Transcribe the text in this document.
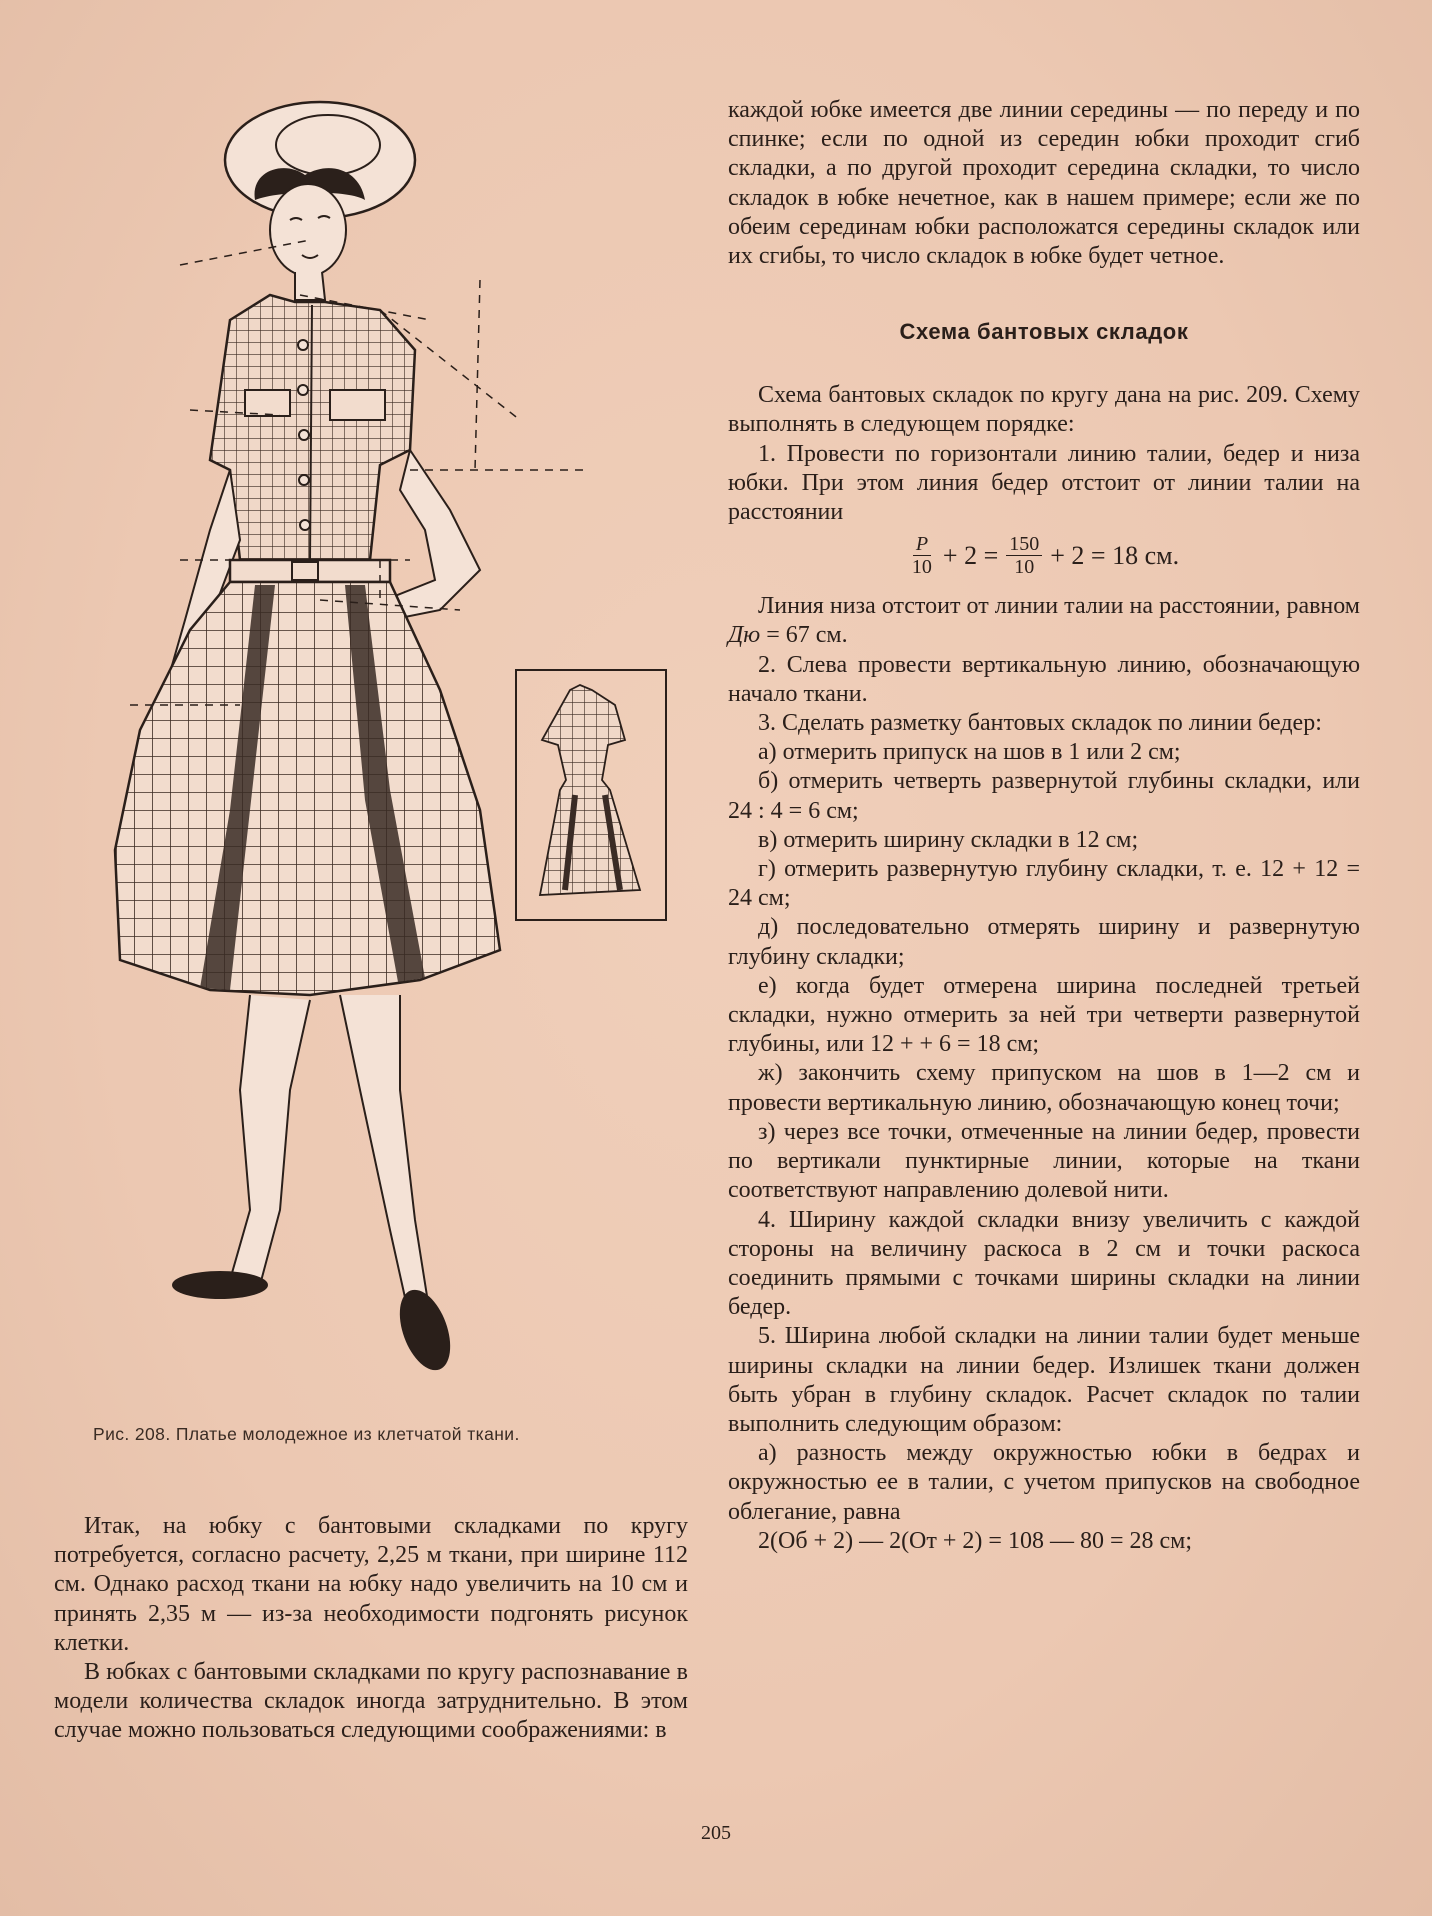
Рис. 208. Платье молодежное из клетчатой ткани.

Итак, на юбку с бантовыми складками по кругу потребуется, согласно расчету, 2,25 м ткани, при ширине 112 см. Однако расход ткани на юбку надо увеличить на 10 см и принять 2,35 м — из-за необходимости подгонять рисунок клетки.

В юбках с бантовыми складками по кругу распознавание в модели количества складок иногда затруднительно. В этом случае можно пользоваться следующими соображениями: в

каждой юбке имеется две линии середины — по переду и по спинке; если по одной из середин юбки проходит сгиб складки, а по другой проходит середина складки, то число складок в юбке нечетное, как в нашем примере; если же по обеим серединам юбки расположатся середины складок или их сгибы, то число складок в юбке будет четное.

Схема бантовых складок

Схема бантовых складок по кругу дана на рис. 209. Схему выполнять в следующем порядке:

1. Провести по горизонтали линию талии, бедер и низа юбки. При этом линия бедер отстоит от линии талии на расстоянии

$\frac{P}{10} + 2 = \frac{150}{10} + 2 = 18$ см.

Линия низа отстоит от линии талии на расстоянии, равном Дю = 67 см.

2. Слева провести вертикальную линию, обозначающую начало ткани.

3. Сделать разметку бантовых складок по линии бедер:

а) отмерить припуск на шов в 1 или 2 см;

б) отмерить четверть развернутой глубины складки, или 24 : 4 = 6 см;

в) отмерить ширину складки в 12 см;

г) отмерить развернутую глубину складки, т. е. 12 + 12 = 24 см;

д) последовательно отмерять ширину и развернутую глубину складки;

е) когда будет отмерена ширина последней третьей складки, нужно отмерить за ней три четверти развернутой глубины, или 12 + + 6 = 18 см;

ж) закончить схему припуском на шов в 1—2 см и провести вертикальную линию, обозначающую конец точи;

з) через все точки, отмеченные на линии бедер, провести по вертикали пунктирные линии, которые на ткани соответствуют направлению долевой нити.

4. Ширину каждой складки внизу увеличить с каждой стороны на величину раскоса в 2 см и точки раскоса соединить прямыми с точками ширины складки на линии бедер.

5. Ширина любой складки на линии талии будет меньше ширины складки на линии бедер. Излишек ткани должен быть убран в глубину складок. Расчет складок по талии выполнить следующим образом:

а) разность между окружностью юбки в бедрах и окружностью ее в талии, с учетом припусков на свободное облегание, равна

2(Об + 2) — 2(От + 2) = 108 — 80 = 28 см;

205
